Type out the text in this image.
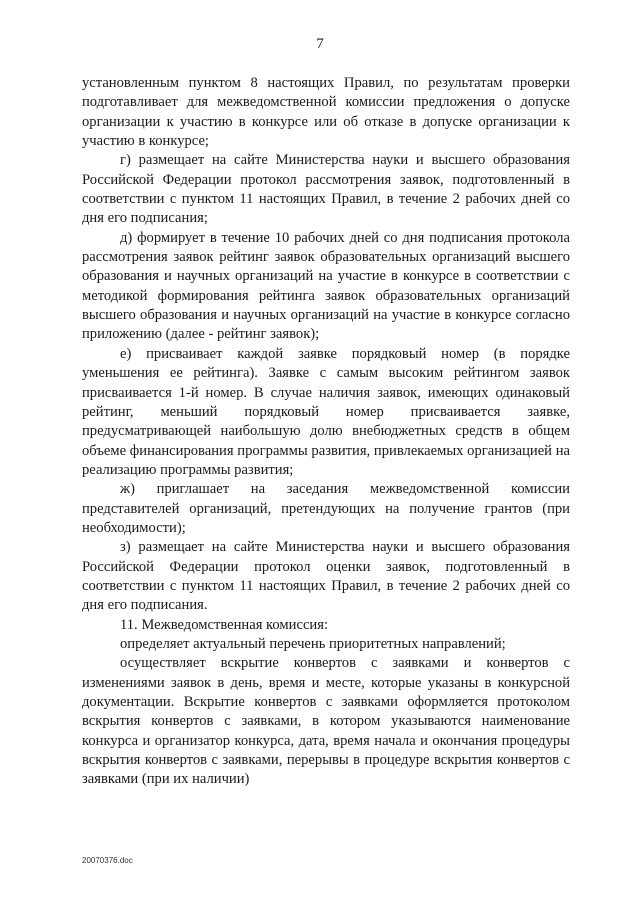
7

установленным пунктом 8 настоящих Правил, по результатам проверки подготавливает для межведомственной комиссии предложения о допуске организации к участию в конкурсе или об отказе в допуске организации к участию в конкурсе;

г) размещает на сайте Министерства науки и высшего образования Российской Федерации протокол рассмотрения заявок, подготовленный в соответствии с пунктом 11 настоящих Правил, в течение 2 рабочих дней со дня его подписания;

д) формирует в течение 10 рабочих дней со дня подписания протокола рассмотрения заявок рейтинг заявок образовательных организаций высшего образования и научных организаций на участие в конкурсе в соответствии с методикой формирования рейтинга заявок образовательных организаций высшего образования и научных организаций на участие в конкурсе согласно приложению (далее - рейтинг заявок);

е) присваивает каждой заявке порядковый номер (в порядке уменьшения ее рейтинга). Заявке с самым высоким рейтингом заявок присваивается 1-й номер. В случае наличия заявок, имеющих одинаковый рейтинг, меньший порядковый номер присваивается заявке, предусматривающей наибольшую долю внебюджетных средств в общем объеме финансирования программы развития, привлекаемых организацией на реализацию программы развития;

ж) приглашает на заседания межведомственной комиссии представителей организаций, претендующих на получение грантов (при необходимости);

з) размещает на сайте Министерства науки и высшего образования Российской Федерации протокол оценки заявок, подготовленный в соответствии с пунктом 11 настоящих Правил, в течение 2 рабочих дней со дня его подписания.

11. Межведомственная комиссия:

определяет актуальный перечень приоритетных направлений;

осуществляет вскрытие конвертов с заявками и конвертов с изменениями заявок в день, время и месте, которые указаны в конкурсной документации. Вскрытие конвертов с заявками оформляется протоколом вскрытия конвертов с заявками, в котором указываются наименование конкурса и организатор конкурса, дата, время начала и окончания процедуры вскрытия конвертов с заявками, перерывы в процедуре вскрытия конвертов с заявками (при их наличии)

20070376.doc
